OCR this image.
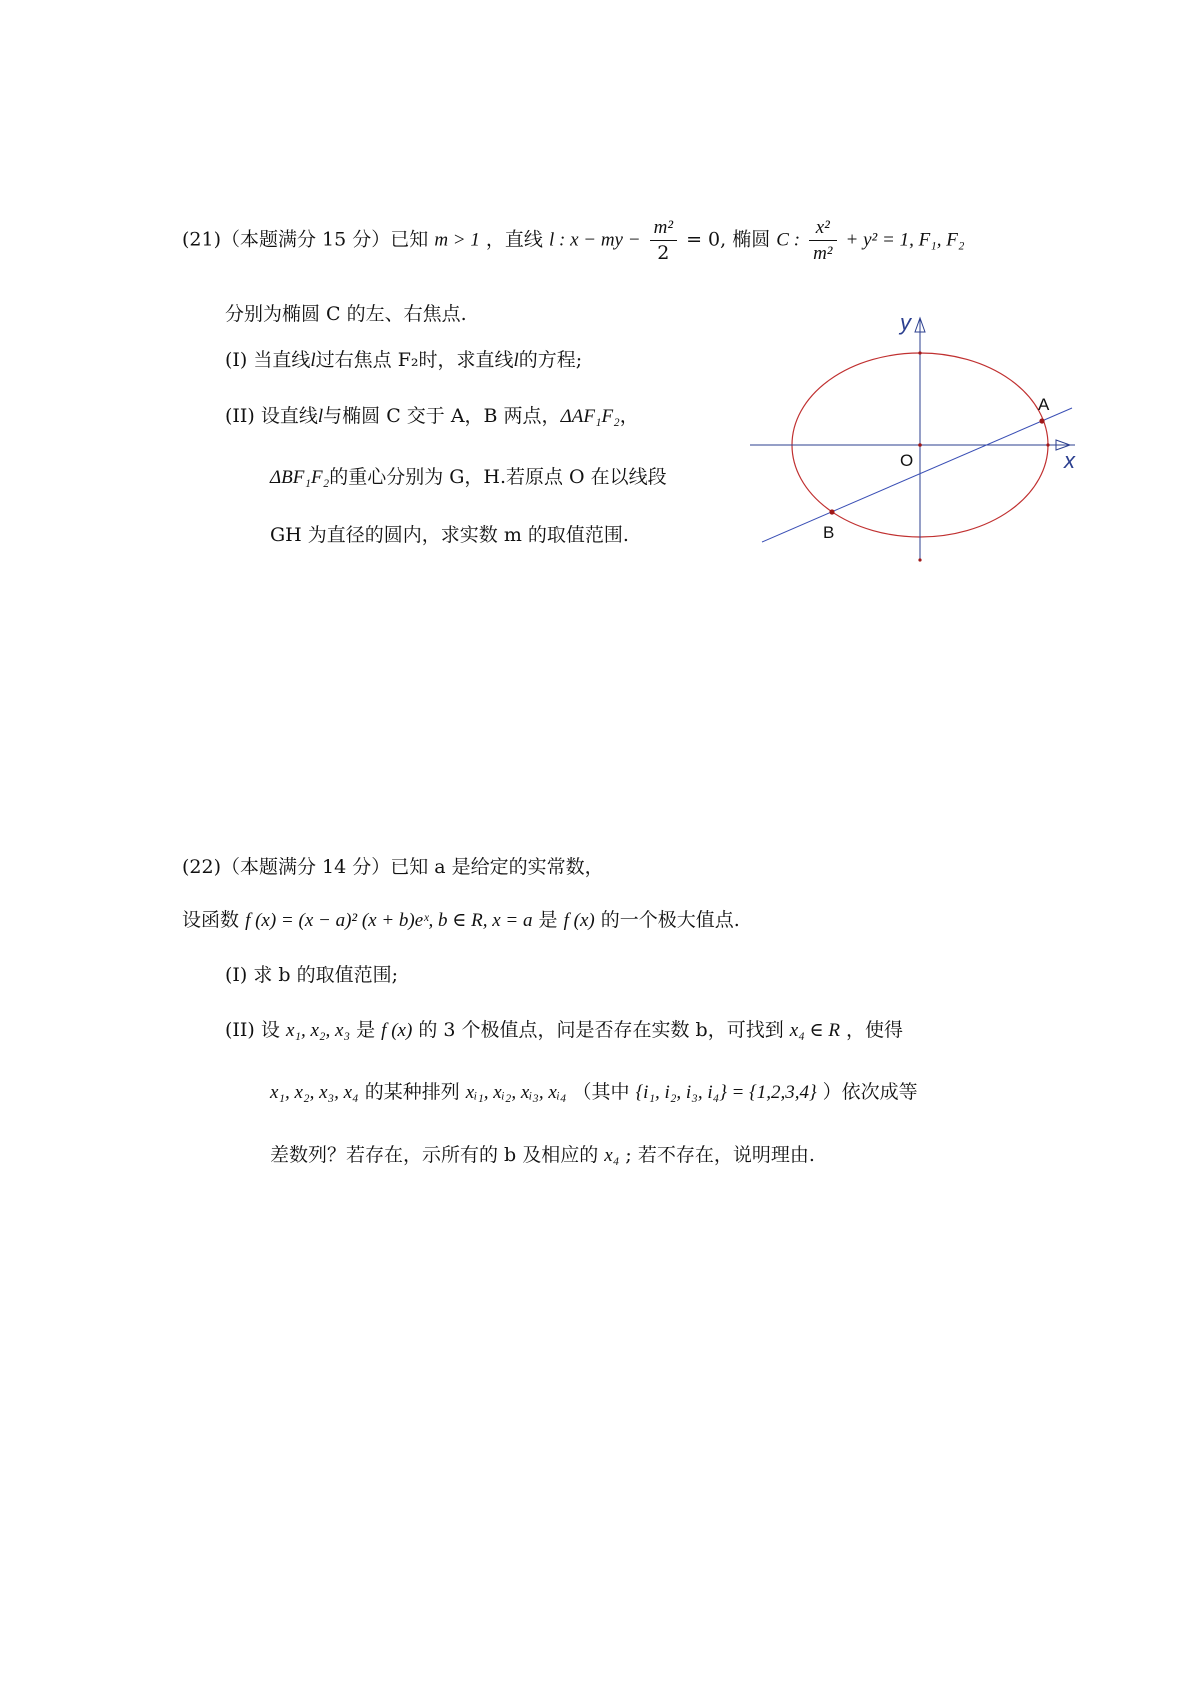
(21)（本题满分 15 分）已知 m > 1 ，直线 l : x − my − $\frac{\text{m²}}{2} = 0$, 椭圆 C : $\frac{\text{x²}}{\text{m²}} + y^2 = 1$, F₁, F₂
分别为椭圆 C 的左、右焦点.
(I) 当直线l过右焦点 F₂时，求直线l的方程;
(II) 设直线l与椭圆 C 交于 A，B 两点，ΔAF₁F₂，
ΔBF₁F₂的重心分别为 G，H.若原点 O 在以线段
GH 为直径的圆内，求实数 m 的取值范围.
y
x
O
A
B
(22)（本题满分 14 分）已知 a 是给定的实常数，
设函数 f (x) = (x − a)² (x + b)eˣ, b ∈ R, x = a 是 f (x) 的一个极大值点.
(I) 求 b 的取值范围;
(II) 设 x₁, x₂, x₃ 是 f (x) 的 3 个极值点，问是否存在实数 b，可找到 x₄ ∈ R ，使得
x₁, x₂, x₃, x₄ 的某种排列 xᵢ₁, xᵢ₂, xᵢ₃, xᵢ₄ （其中 {i₁, i₂, i₃, i₄} = {1,2,3,4} ）依次成等
差数列？若存在，示所有的 b 及相应的 x₄ ; 若不存在，说明理由.
